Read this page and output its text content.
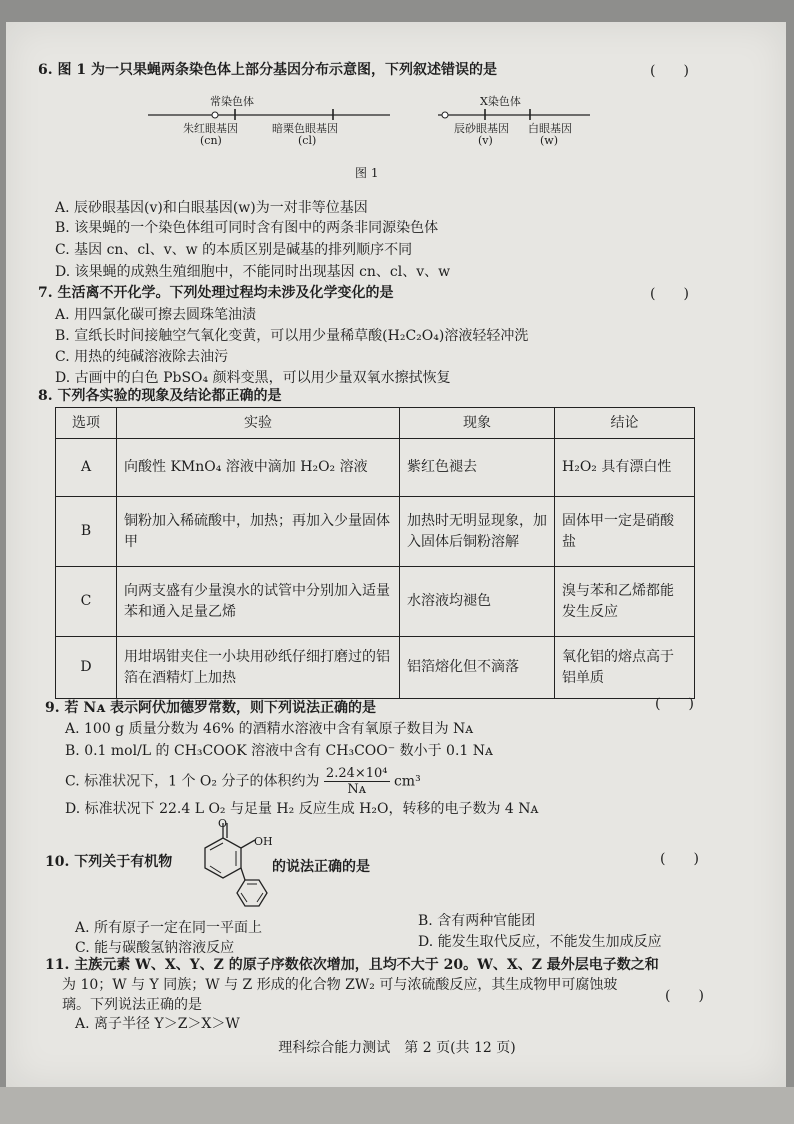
6. 图 1 为一只果蝇两条染色体上部分基因分布示意图，下列叙述错误的是	(　　)
常染色体	X染色体
朱红眼基因
(cn)
暗栗色眼基因
(cl)
辰砂眼基因
(v)
白眼基因
(w)
图 1
A. 辰砂眼基因(v)和白眼基因(w)为一对非等位基因
B. 该果蝇的一个染色体组可同时含有图中的两条非同源染色体
C. 基因 cn、cl、v、w 的本质区别是碱基的排列顺序不同
D. 该果蝇的成熟生殖细胞中，不能同时出现基因 cn、cl、v、w
7. 生活离不开化学。下列处理过程均未涉及化学变化的是	(　　)
A. 用四氯化碳可擦去圆珠笔油渍
B. 宣纸长时间接触空气氧化变黄，可以用少量稀草酸(H₂C₂O₄)溶液轻轻冲洗
C. 用热的纯碱溶液除去油污
D. 古画中的白色 PbSO₄ 颜料变黑，可以用少量双氧水擦拭恢复
8. 下列各实验的现象及结论都正确的是
选项	实验	现象	结论
A	向酸性 KMnO₄ 溶液中滴加 H₂O₂ 溶液	紫红色褪去	H₂O₂ 具有漂白性
B	铜粉加入稀硫酸中，加热；再加入少量固体甲	加热时无明显现象，加入固体后铜粉溶解	固体甲一定是硝酸盐
C	向两支盛有少量溴水的试管中分别加入适量苯和通入足量乙烯	水溶液均褪色	溴与苯和乙烯都能发生反应
D	用坩埚钳夹住一小块用砂纸仔细打磨过的铝箔在酒精灯上加热	铝箔熔化但不滴落	氧化铝的熔点高于铝单质
9. 若 Nᴀ 表示阿伏加德罗常数，则下列说法正确的是	(　　)
A. 100 g 质量分数为 46% 的酒精水溶液中含有氧原子数目为 Nᴀ
B. 0.1 mol/L 的 CH₃COOK 溶液中含有 CH₃COO⁻ 数小于 0.1 Nᴀ
C. 标准状况下，1 个 O₂ 分子的体积约为 $\frac{\text{2.24×10⁴}}{\text{Nᴀ}} cm^3$
D. 标准状况下 22.4 L O₂ 与足量 H₂ 反应生成 H₂O，转移的电子数为 4 Nᴀ
10. 下列关于有机物
O
OH
的说法正确的是	(　　)
A. 所有原子一定在同一平面上	B. 含有两种官能团
C. 能与碳酸氢钠溶液反应	D. 能发生取代反应，不能发生加成反应
11. 主族元素 W、X、Y、Z 的原子序数依次增加，且均不大于 20。W、X、Z 最外层电子数之和
为 10；W 与 Y 同族；W 与 Z 形成的化合物 ZW₂ 可与浓硫酸反应，其生成物甲可腐蚀玻
璃。下列说法正确的是
(　　)
A. 离子半径 Y＞Z＞X＞W
理科综合能力测试　第 2 页(共 12 页)
